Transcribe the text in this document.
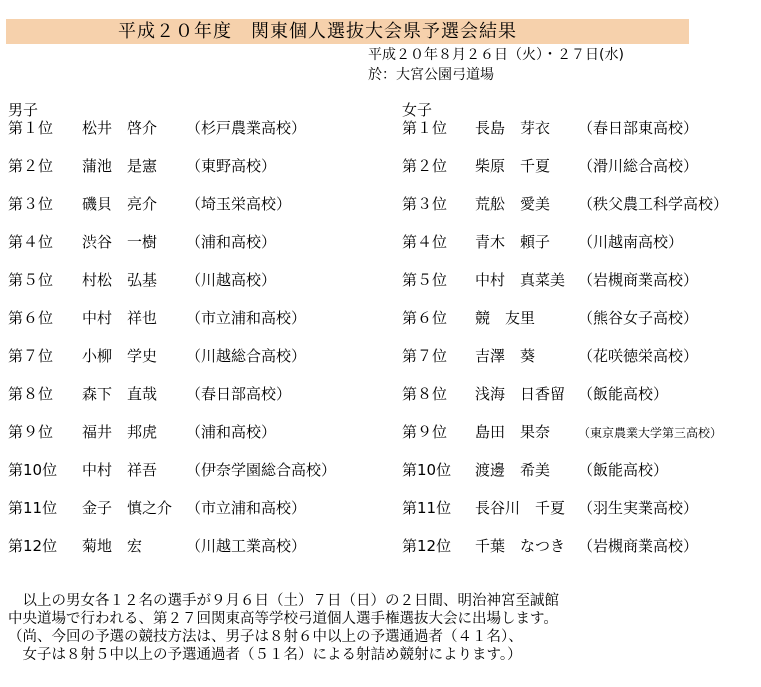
平成２０年度　関東個人選抜大会県予選会結果
平成２０年８月２６日（火）・２７日(水)
於：大宮公園弓道場
男子	女子
第１位 松井　啓介 （杉戸農業高校）
第２位 蒲池　是憲 （東野高校）
第３位 磯貝　亮介 （埼玉栄高校）
第４位 渋谷　一樹 （浦和高校）
第５位 村松　弘基 （川越高校）
第６位 中村　祥也 （市立浦和高校）
第７位 小柳　学史 （川越総合高校）
第８位 森下　直哉 （春日部高校）
第９位 福井　邦虎 （浦和高校）
第10位 中村　祥吾 （伊奈学園総合高校）
第11位 金子　慎之介 （市立浦和高校）
第12位 菊地　宏	（川越工業高校）
第１位 長島　芽衣 （春日部東高校）
第２位 柴原　千夏 （滑川総合高校）
第３位 荒舩　愛美 （秩父農工科学高校）
第４位 青木　頼子 （川越南高校）
第５位 中村　真菜美 （岩槻商業高校）
第６位 競　友里	（熊谷女子高校）
第７位 吉澤　葵	（花咲徳栄高校）
第８位 浅海　日香留 （飯能高校）
第９位 島田　果奈 （東京農業大学第三高校）
第10位 渡邊　希美 （飯能高校）
第11位 長谷川　千夏 （羽生実業高校）
第12位 千葉　なつき （岩槻商業高校）
　以上の男女各１２名の選手が９月６日（土）７日（日）の２日間、明治神宮至誠館
中央道場で行われる、第２７回関東高等学校弓道個人選手権選抜大会に出場します。
（尚、今回の予選の競技方法は、男子は８射６中以上の予選通過者（４１名）、
　女子は８射５中以上の予選通過者（５１名）による射詰め競射によります。）
